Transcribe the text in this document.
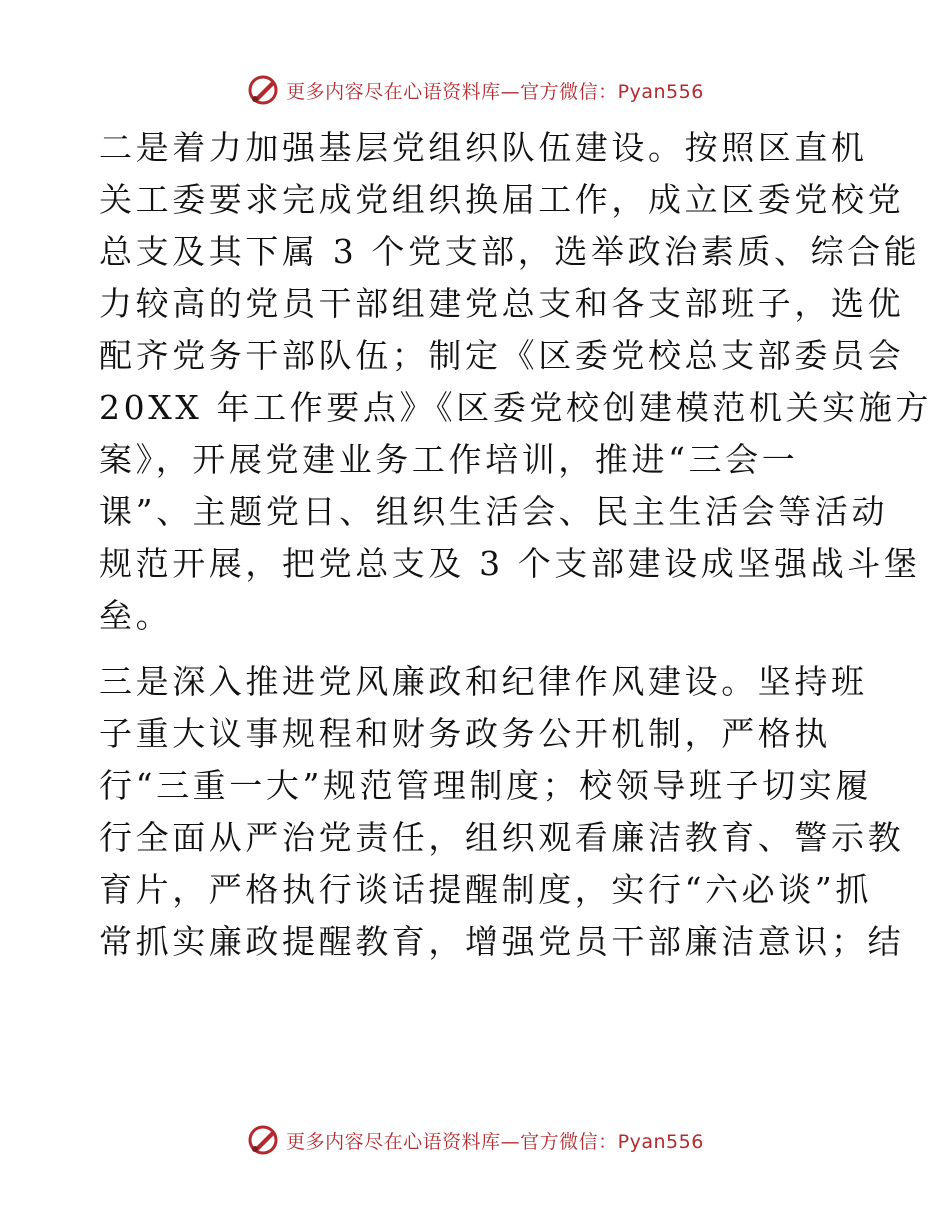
更多内容尽在心语资料库—官方微信：Pyan556
二是着力加强基层党组织队伍建设。按照区直机
关工委要求完成党组织换届工作，成立区委党校党
总支及其下属 3 个党支部，选举政治素质、综合能
力较高的党员干部组建党总支和各支部班子，选优
配齐党务干部队伍；制定《区委党校总支部委员会
20XX 年工作要点》《区委党校创建模范机关实施方
案》，开展党建业务工作培训，推进“三会一
课”、主题党日、组织生活会、民主生活会等活动
规范开展，把党总支及 3 个支部建设成坚强战斗堡
垒。
三是深入推进党风廉政和纪律作风建设。坚持班
子重大议事规程和财务政务公开机制，严格执
行“三重一大”规范管理制度；校领导班子切实履
行全面从严治党责任，组织观看廉洁教育、警示教
育片，严格执行谈话提醒制度，实行“六必谈”抓
常抓实廉政提醒教育，增强党员干部廉洁意识；结
更多内容尽在心语资料库—官方微信：Pyan556
